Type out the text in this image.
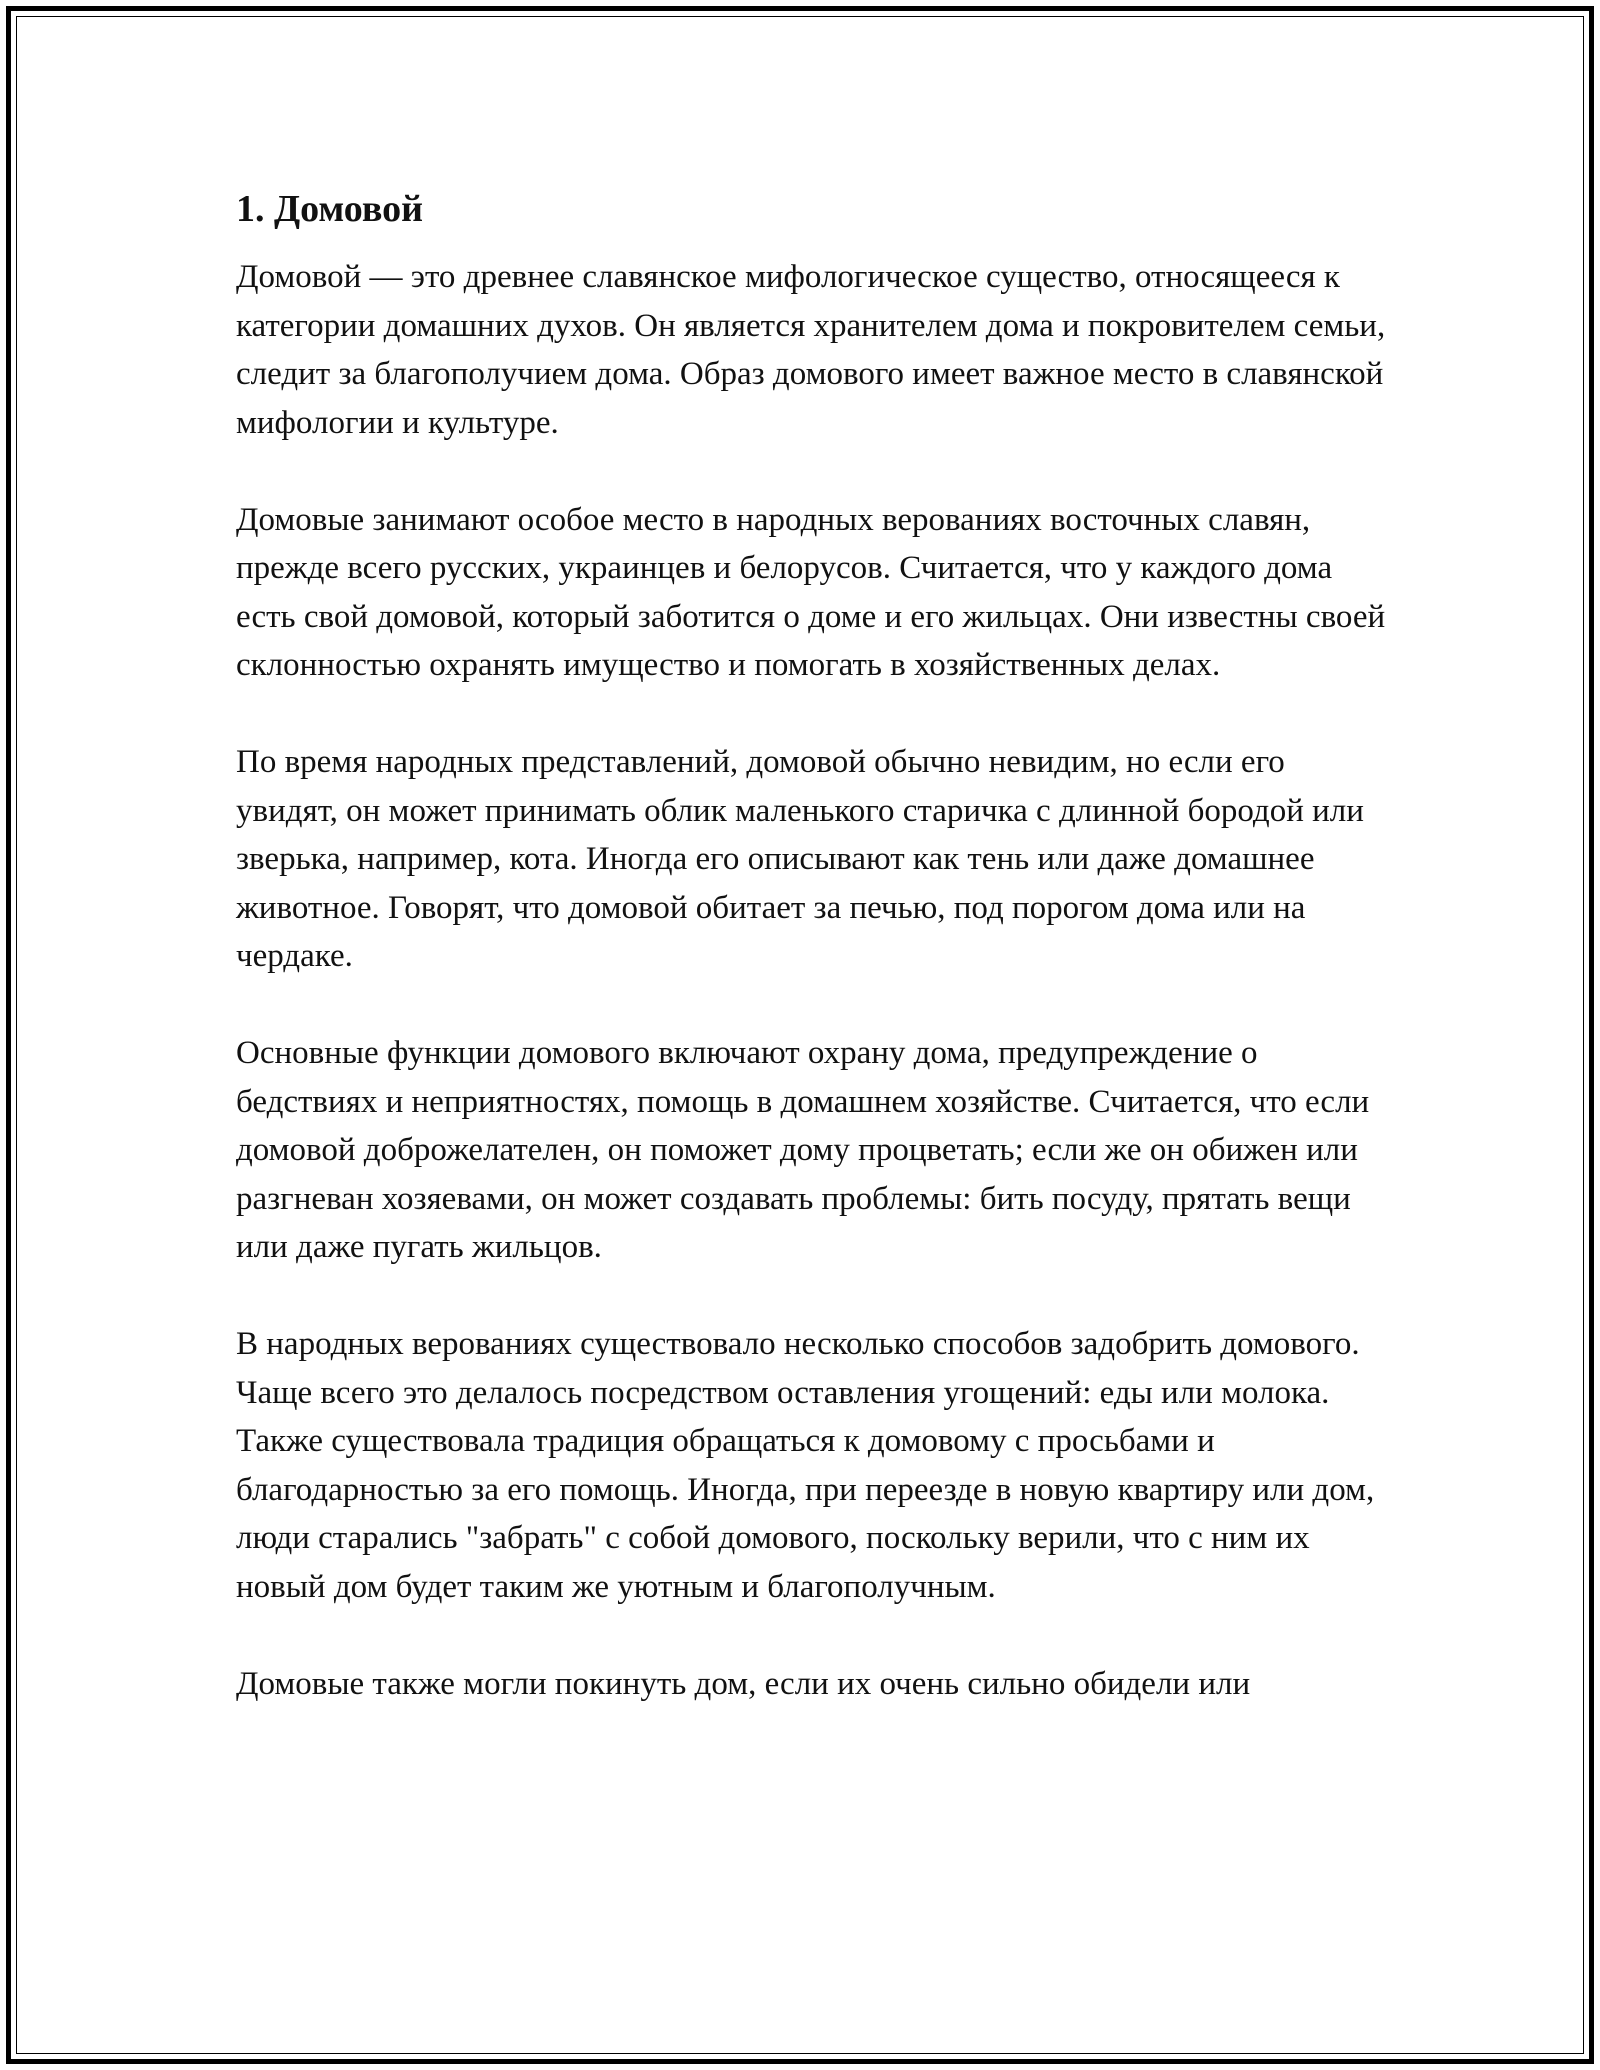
1. Домовой

Домовой — это древнее славянское мифологическое существо, относящееся к категории домашних духов. Он является хранителем дома и покровителем семьи, следит за благополучием дома. Образ домового имеет важное место в славянской мифологии и культуре.

Домовые занимают особое место в народных верованиях восточных славян, прежде всего русских, украинцев и белорусов. Считается, что у каждого дома есть свой домовой, который заботится о доме и его жильцах. Они известны своей склонностью охранять имущество и помогать в хозяйственных делах.

По время народных представлений, домовой обычно невидим, но если его увидят, он может принимать облик маленького старичка с длинной бородой или зверька, например, кота. Иногда его описывают как тень или даже домашнее животное. Говорят, что домовой обитает за печью, под порогом дома или на чердаке.

Основные функции домового включают охрану дома, предупреждение о бедствиях и неприятностях, помощь в домашнем хозяйстве. Считается, что если домовой доброжелателен, он поможет дому процветать; если же он обижен или разгневан хозяевами, он может создавать проблемы: бить посуду, прятать вещи или даже пугать жильцов.

В народных верованиях существовало несколько способов задобрить домового. Чаще всего это делалось посредством оставления угощений: еды или молока. Также существовала традиция обращаться к домовому с просьбами и благодарностью за его помощь. Иногда, при переезде в новую квартиру или дом, люди старались "забрать" с собой домового, поскольку верили, что с ним их новый дом будет таким же уютным и благополучным.

Домовые также могли покинуть дом, если их очень сильно обидели или
